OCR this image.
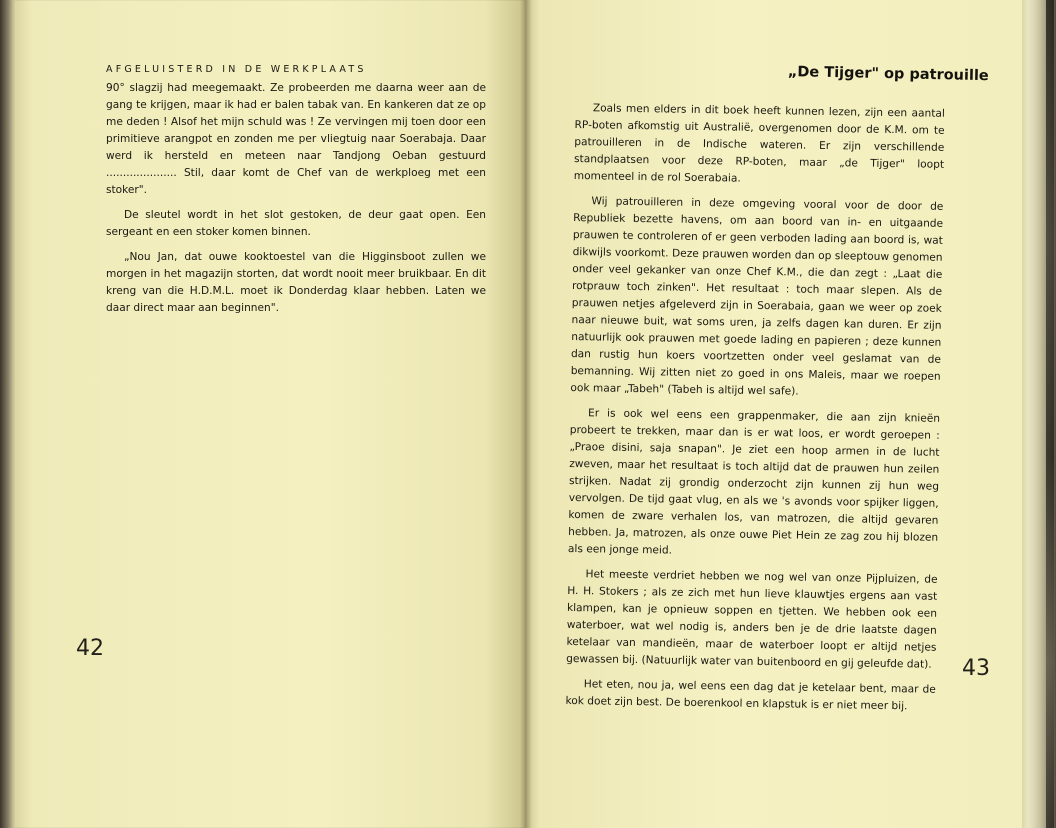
AFGELUISTERD IN DE WERKPLAATS

90° slagzij had meegemaakt. Ze probeerden me daarna weer aan de gang te krijgen, maar ik had er balen tabak van. En kankeren dat ze op me deden ! Alsof het mijn schuld was ! Ze vervingen mij toen door een primitieve arangpot en zonden me per vliegtuig naar Soerabaja. Daar werd ik hersteld en meteen naar Tandjong Oeban gestuurd ..................... Stil, daar komt de Chef van de werkploeg met een stoker".

De sleutel wordt in het slot gestoken, de deur gaat open. Een sergeant en een stoker komen binnen.

„Nou Jan, dat ouwe kooktoestel van die Higginsboot zullen we morgen in het magazijn storten, dat wordt nooit meer bruikbaar. En dit kreng van die H.D.M.L. moet ik Donderdag klaar hebben. Laten we daar direct maar aan beginnen".

42
„De Tijger" op patrouille

Zoals men elders in dit boek heeft kunnen lezen, zijn een aantal RP-boten afkomstig uit Australië, overgenomen door de K.M. om te patrouilleren in de Indische wateren. Er zijn verschillende standplaatsen voor deze RP-boten, maar „de Tijger" loopt momenteel in de rol Soerabaia.

Wij patrouilleren in deze omgeving vooral voor de door de Republiek bezette havens, om aan boord van in- en uitgaande prauwen te controleren of er geen verboden lading aan boord is, wat dikwijls voorkomt. Deze prauwen worden dan op sleeptouw genomen onder veel gekanker van onze Chef K.M., die dan zegt : „Laat die rotprauw toch zinken". Het resultaat : toch maar slepen. Als de prauwen netjes afgeleverd zijn in Soerabaia, gaan we weer op zoek naar nieuwe buit, wat soms uren, ja zelfs dagen kan duren. Er zijn natuurlijk ook prauwen met goede lading en papieren ; deze kunnen dan rustig hun koers voortzetten onder veel geslamat van de bemanning. Wij zitten niet zo goed in ons Maleis, maar we roepen ook maar „Tabeh" (Tabeh is altijd wel safe).

Er is ook wel eens een grappenmaker, die aan zijn knieën probeert te trekken, maar dan is er wat loos, er wordt geroepen : „Praoe disini, saja snapan". Je ziet een hoop armen in de lucht zweven, maar het resultaat is toch altijd dat de prauwen hun zeilen strijken. Nadat zij grondig onderzocht zijn kunnen zij hun weg vervolgen. De tijd gaat vlug, en als we 's avonds voor spijker liggen, komen de zware verhalen los, van matrozen, die altijd gevaren hebben. Ja, matrozen, als onze ouwe Piet Hein ze zag zou hij blozen als een jonge meid.

Het meeste verdriet hebben we nog wel van onze Pijpluizen, de H. H. Stokers ; als ze zich met hun lieve klauwtjes ergens aan vast klampen, kan je opnieuw soppen en tjetten. We hebben ook een waterboer, wat wel nodig is, anders ben je de drie laatste dagen ketelaar van mandieën, maar de waterboer loopt er altijd netjes gewassen bij. (Natuurlijk water van buitenboord en gij geleufde dat).

Het eten, nou ja, wel eens een dag dat je ketelaar bent, maar de kok doet zijn best. De boerenkool en klapstuk is er niet meer bij.

43
